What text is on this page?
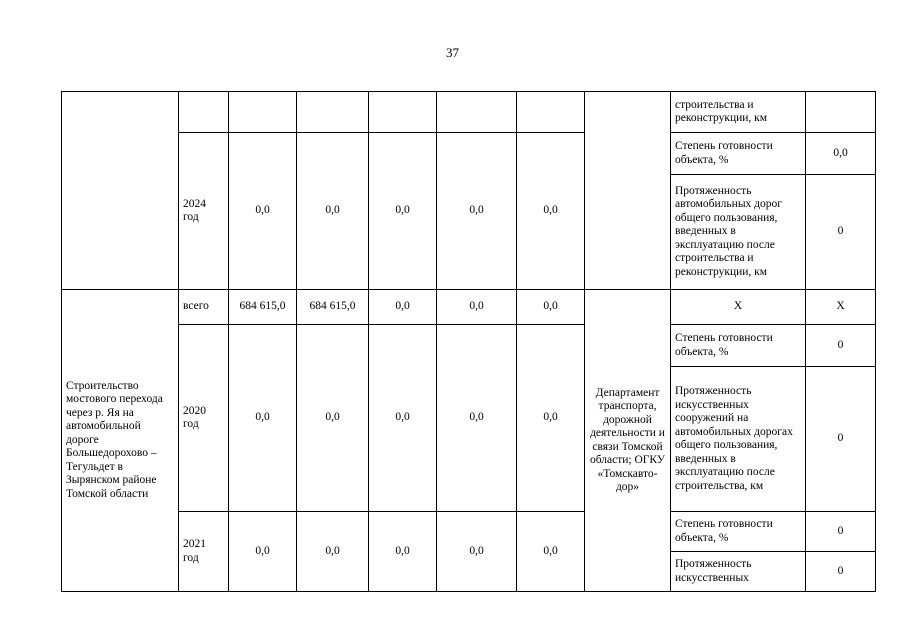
37
								строительства и реконструкции, км	
	2024 год	0,0	0,0	0,0	0,0	0,0		Степень готовности объекта, %	0,0
								Протяженность автомобильных дорог общего пользования, введенных в эксплуатацию после строительства и реконструкции, км	0
Строительство мостового перехода через р. Яя на автомобильной дороге Большедорохово – Тегульдет в Зырянском районе Томской области	всего	684 615,0	684 615,0	0,0	0,0	0,0	Департамент транспорта, дорожной деятельности и связи Томской области; ОГКУ «Томскавто-дор»	Х	Х
	2020 год	0,0	0,0	0,0	0,0	0,0		Степень готовности объекта, %	0
								Протяженность искусственных сооружений на автомобильных дорогах общего пользования, введенных в эксплуатацию после строительства, км	0
	2021 год	0,0	0,0	0,0	0,0	0,0		Степень готовности объекта, %	0
								Протяженность искусственных	0
